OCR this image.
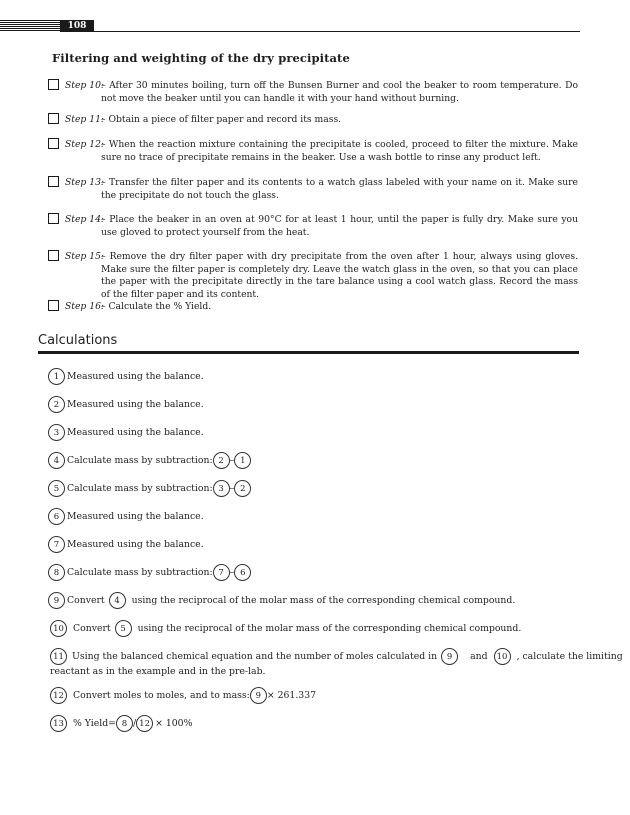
108
Filtering and weighting of the dry precipitate
Step 10:
– After 30 minutes boiling, turn off the Bunsen Burner and cool the beaker to room temperature. Do not move the beaker until you can handle it with your hand without burning.
Step 11:
– Obtain a piece of filter paper and record its mass.
Step 12:
– When the reaction mixture containing the precipitate is cooled, proceed to filter the mixture. Make sure no trace of precipitate remains in the beaker. Use a wash bottle to rinse any product left.
Step 13:
– Transfer the filter paper and its contents to a watch glass labeled with your name on it. Make sure the precipitate do not touch the glass.
Step 14:
– Place the beaker in an oven at 90°C for at least 1 hour, until the paper is fully dry. Make sure you use gloved to protect yourself from the heat.
Step 15:
– Remove the dry filter paper with dry precipitate from the oven after 1 hour, always using gloves. Make sure the filter paper is completely dry. Leave the watch glass in the oven, so that you can place the paper with the precipitate directly in the tare balance using a cool watch glass. Record the mass of the filter paper and its content.
Step 16:
– Calculate the % Yield.
Calculations
1 Measured using the balance.
2 Measured using the balance.
3 Measured using the balance.
4 Calculate mass by subtraction: 2 – 1
5 Calculate mass by subtraction: 3 – 2
6 Measured using the balance.
7 Measured using the balance.
8 Calculate mass by subtraction: 7 – 6
9 Convert	4	using the reciprocal of the molar mass of the corresponding chemical compound.
10 Convert	5	using the reciprocal of the molar mass of the corresponding chemical compound.
11 Using the balanced chemical equation and the number of moles calculated in	9	and	10 , calculate the limiting
reactant as in the example and in the pre-lab.
12 Convert moles to moles, and to mass: 9 × 261.337
13 % Yield= 8 / 12 × 100%
